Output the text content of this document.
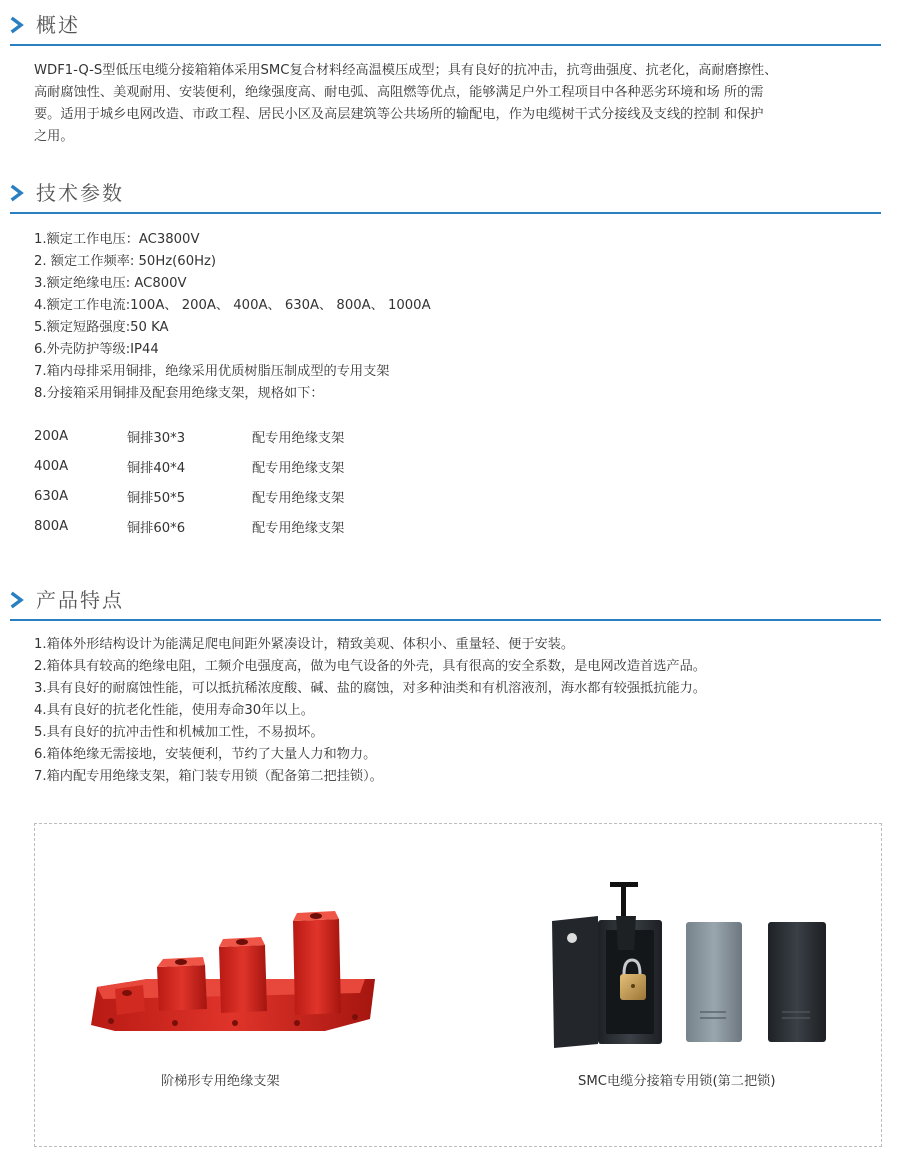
概述
WDF1-Q-S型低压电缆分接箱箱体采用SMC复合材料经高温模压成型；具有良好的抗冲击，抗弯曲强度、抗老化，高耐磨擦性、
高耐腐蚀性、美观耐用、安装便利，绝缘强度高、耐电弧、高阻燃等优点，能够满足户外工程项目中各种恶劣环境和场 所的需
要。适用于城乡电网改造、市政工程、居民小区及高层建筑等公共场所的输配电，作为电缆树干式分接线及支线的控制 和保护
之用。
技术参数
1.额定工作电压：AC3800V
2. 额定工作频率: 50Hz(60Hz)
3.额定绝缘电压: AC800V
4.额定工作电流:100A、 200A、 400A、 630A、 800A、 1000A
5.额定短路强度:50 KA
6.外壳防护等级:IP44
7.箱内母排采用铜排，绝缘采用优质树脂压制成型的专用支架
8.分接箱采用铜排及配套用绝缘支架，规格如下：
200A	铜排30*3	配专用绝缘支架
400A	铜排40*4	配专用绝缘支架
630A	铜排50*5	配专用绝缘支架
800A	铜排60*6	配专用绝缘支架
产品特点
1.箱体外形结构设计为能满足爬电间距外紧凑设计，精致美观、体积小、重量轻、便于安装。
2.箱体具有较高的绝缘电阻，工频介电强度高，做为电气设备的外壳，具有很高的安全系数，是电网改造首选产品。
3.具有良好的耐腐蚀性能，可以抵抗稀浓度酸、碱、盐的腐蚀，对多种油类和有机溶液剂，海水都有较强抵抗能力。
4.具有良好的抗老化性能，使用寿命30年以上。
5.具有良好的抗冲击性和机械加工性，不易损坏。
6.箱体绝缘无需接地，安装便利，节约了大量人力和物力。
7.箱内配专用绝缘支架，箱门装专用锁（配备第二把挂锁）。
阶梯形专用绝缘支架	SMC电缆分接箱专用锁(第二把锁)
